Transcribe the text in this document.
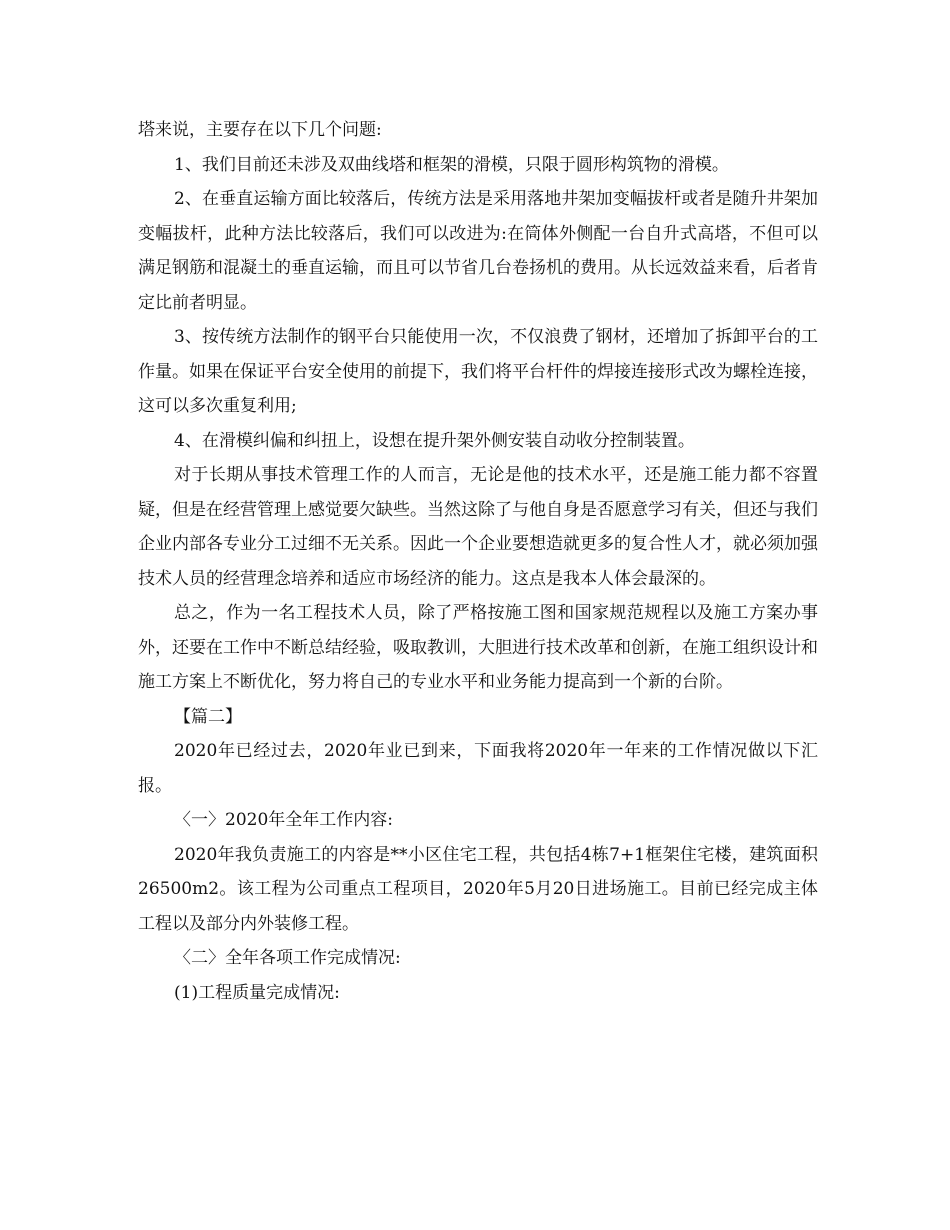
塔来说，主要存在以下几个问题:

1、我们目前还未涉及双曲线塔和框架的滑模，只限于圆形构筑物的滑模。

2、在垂直运输方面比较落后，传统方法是采用落地井架加变幅拔杆或者是随升井架加变幅拔杆，此种方法比较落后，我们可以改进为:在筒体外侧配一台自升式高塔，不但可以满足钢筋和混凝土的垂直运输，而且可以节省几台卷扬机的费用。从长远效益来看，后者肯定比前者明显。

3、按传统方法制作的钢平台只能使用一次，不仅浪费了钢材，还增加了拆卸平台的工作量。如果在保证平台安全使用的前提下，我们将平台杆件的焊接连接形式改为螺栓连接，这可以多次重复利用;

4、在滑模纠偏和纠扭上，设想在提升架外侧安装自动收分控制装置。

对于长期从事技术管理工作的人而言，无论是他的技术水平，还是施工能力都不容置疑，但是在经营管理上感觉要欠缺些。当然这除了与他自身是否愿意学习有关，但还与我们企业内部各专业分工过细不无关系。因此一个企业要想造就更多的复合性人才，就必须加强技术人员的经营理念培养和适应市场经济的能力。这点是我本人体会最深的。

总之，作为一名工程技术人员，除了严格按施工图和国家规范规程以及施工方案办事外，还要在工作中不断总结经验，吸取教训，大胆进行技术改革和创新，在施工组织设计和施工方案上不断优化，努力将自己的专业水平和业务能力提高到一个新的台阶。

【篇二】

2020年已经过去，2020年业已到来，下面我将2020年一年来的工作情况做以下汇报。

〈一〉2020年全年工作内容:

2020年我负责施工的内容是**小区住宅工程，共包括4栋7+1框架住宅楼，建筑面积26500m2。该工程为公司重点工程项目，2020年5月20日进场施工。目前已经完成主体工程以及部分内外装修工程。

〈二〉全年各项工作完成情况:

(1)工程质量完成情况:
